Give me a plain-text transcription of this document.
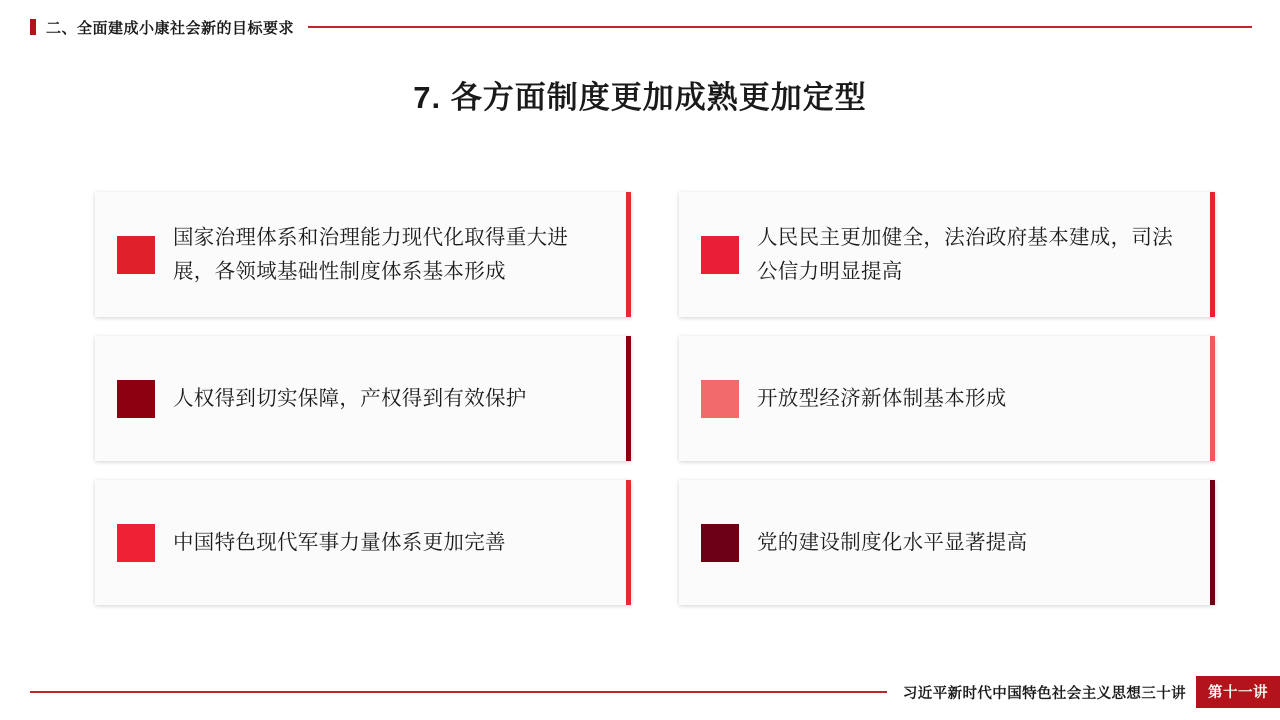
二、全面建成小康社会新的目标要求
7. 各方面制度更加成熟更加定型
国家治理体系和治理能力现代化取得重大进展，各领域基础性制度体系基本形成
人民民主更加健全，法治政府基本建成，司法公信力明显提高
人权得到切实保障，产权得到有效保护	开放型经济新体制基本形成
中国特色现代军事力量体系更加完善	党的建设制度化水平显著提高
习近平新时代中国特色社会主义思想三十讲	第十一讲
